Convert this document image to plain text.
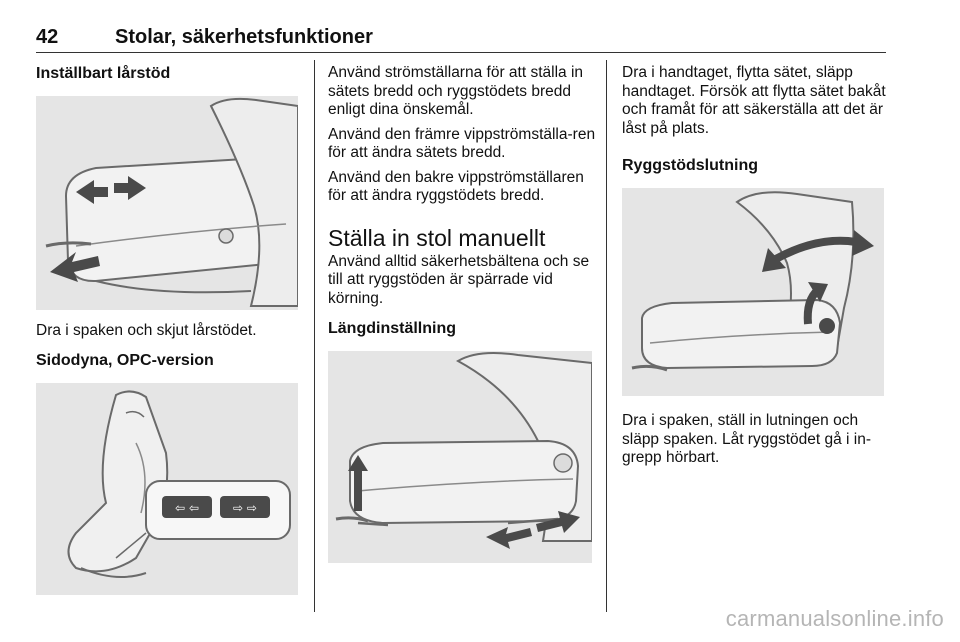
42	Stolar, säkerhetsfunktioner
Inställbart lårstöd

Dra i spaken och skjut lårstödet.

Sidodyna, OPC-version
⇦ ⇦	⇨ ⇨

Använd strömställarna för att ställa in sätets bredd och ryggstödets bredd enligt dina önskemål.

Använd den främre vippströmställa-ren för att ändra sätets bredd.

Använd den bakre vippströmställaren för att ändra ryggstödets bredd.

Ställa in stol manuellt

Använd alltid säkerhetsbältena och se till att ryggstöden är spärrade vid körning.

Längdinställning

Dra i handtaget, flytta sätet, släpp handtaget. Försök att flytta sätet bakåt och framåt för att säkerställa att det är låst på plats.

Ryggstödslutning

Dra i spaken, ställ in lutningen och släpp spaken. Låt ryggstödet gå i in-grepp hörbart.

carmanualsonline.info
